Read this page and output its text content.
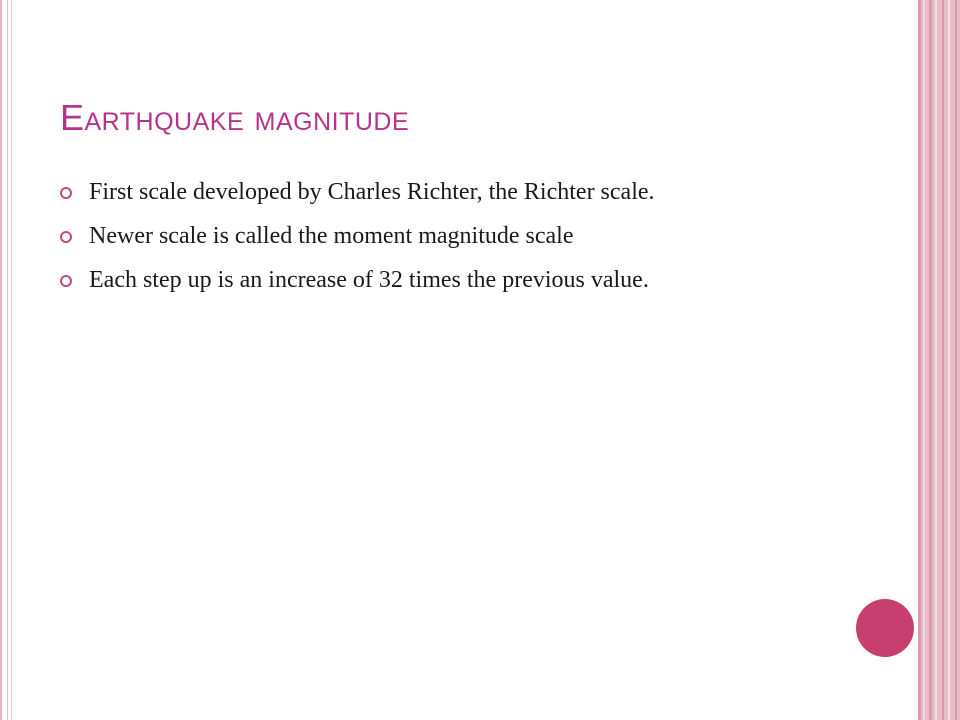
Earthquake magnitude
First scale developed by Charles Richter, the Richter scale.
Newer scale is called the moment magnitude scale
Each step up is an increase of 32 times the previous value.
